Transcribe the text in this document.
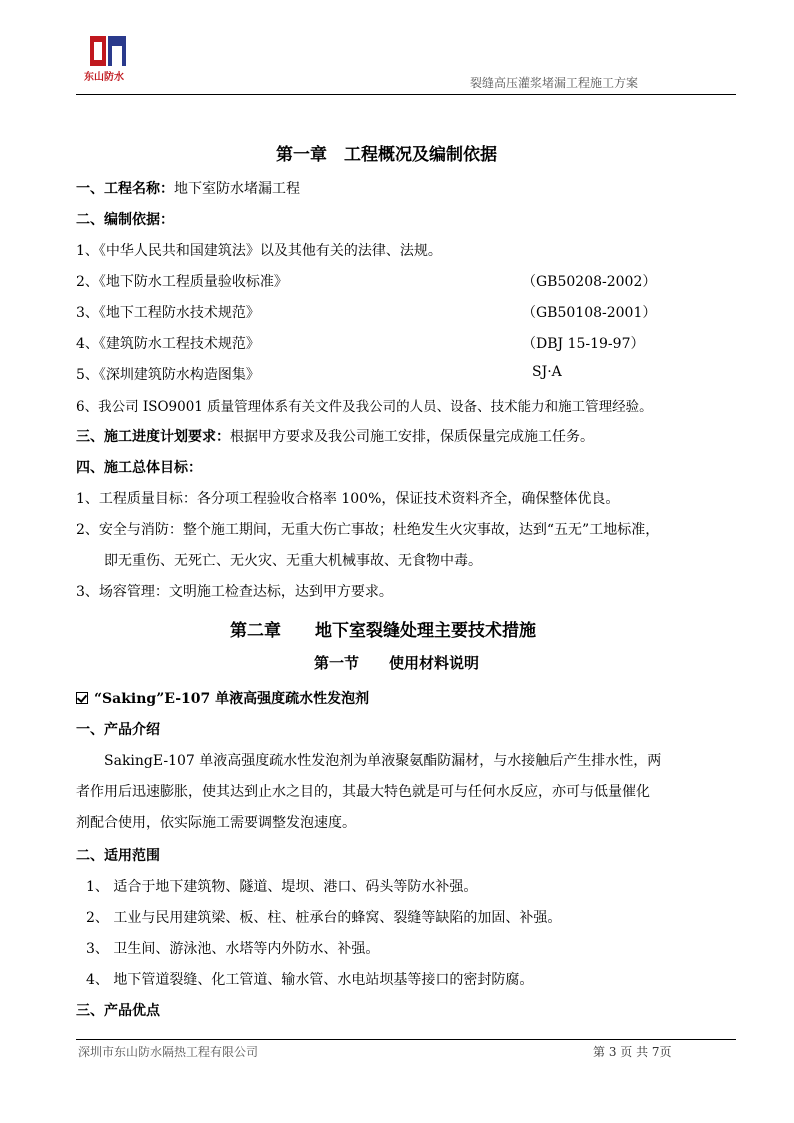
东山防水	裂缝高压灌浆堵漏工程施工方案
第一章　工程概况及编制依据
一、工程名称：地下室防水堵漏工程
二、编制依据：
1、《中华人民共和国建筑法》以及其他有关的法律、法规。
2、《地下防水工程质量验收标准》	（GB50208-2002）
3、《地下工程防水技术规范》	（GB50108-2001）
4、《建筑防水工程技术规范》	（DBJ 15-19-97）
5、《深圳建筑防水构造图集》	SJ·A
6、我公司 ISO9001 质量管理体系有关文件及我公司的人员、设备、技术能力和施工管理经验。
三、施工进度计划要求：根据甲方要求及我公司施工安排，保质保量完成施工任务。
四、施工总体目标：
1、工程质量目标：各分项工程验收合格率 100%，保证技术资料齐全，确保整体优良。
2、安全与消防：整个施工期间，无重大伤亡事故；杜绝发生火灾事故，达到“五无”工地标准，
即无重伤、无死亡、无火灾、无重大机械事故、无食物中毒。
3、场容管理：文明施工检查达标，达到甲方要求。
第二章　　地下室裂缝处理主要技术措施
第一节　　使用材料说明
“Saking”E-107 单液高强度疏水性发泡剂
一、产品介绍
SakingE-107 单液高强度疏水性发泡剂为单液聚氨酯防漏材，与水接触后产生排水性，两
者作用后迅速膨胀，使其达到止水之目的，其最大特色就是可与任何水反应，亦可与低量催化
剂配合使用，依实际施工需要调整发泡速度。
二、适用范围
1、 适合于地下建筑物、隧道、堤坝、港口、码头等防水补强。
2、 工业与民用建筑梁、板、柱、桩承台的蜂窝、裂缝等缺陷的加固、补强。
3、 卫生间、游泳池、水塔等内外防水、补强。
4、 地下管道裂缝、化工管道、输水管、水电站坝基等接口的密封防腐。
三、产品优点
深圳市东山防水隔热工程有限公司	第 3 页 共 7页
